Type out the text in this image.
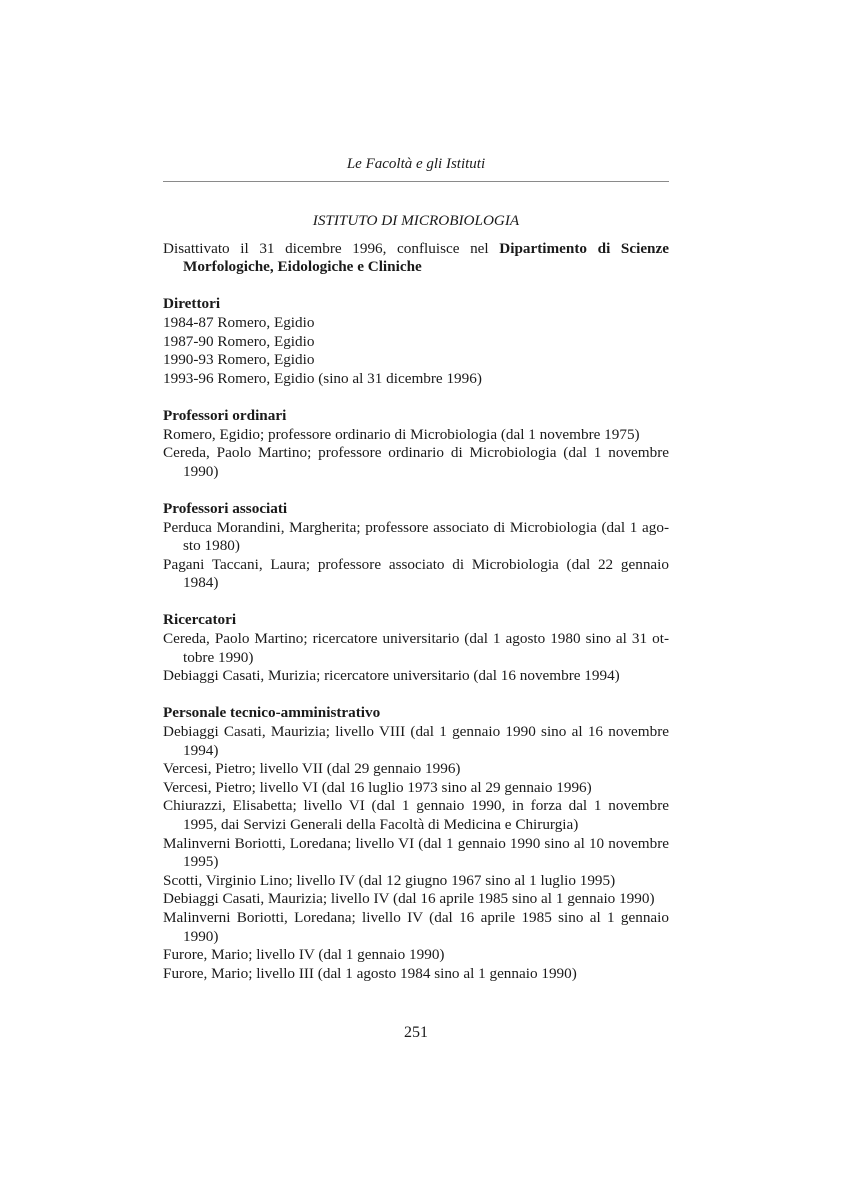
Le Facoltà e gli Istituti

ISTITUTO DI MICROBIOLOGIA

Disattivato il 31 dicembre 1996, confluisce nel Dipartimento di Scienze Morfologiche, Eidologiche e Cliniche

Direttori

1984-87 Romero, Egidio

1987-90 Romero, Egidio

1990-93 Romero, Egidio

1993-96 Romero, Egidio (sino al 31 dicembre 1996)

Professori ordinari

Romero, Egidio; professore ordinario di Microbiologia (dal 1 novembre 1975)

Cereda, Paolo Martino; professore ordinario di Microbiologia (dal 1 novembre 1990)

Professori associati

Perduca Morandini, Margherita; professore associato di Microbiologia (dal 1 agosto 1980)

Pagani Taccani, Laura; professore associato di Microbiologia (dal 22 gennaio 1984)

Ricercatori

Cereda, Paolo Martino; ricercatore universitario (dal 1 agosto 1980 sino al 31 ottobre 1990)

Debiaggi Casati, Murizia; ricercatore universitario (dal 16 novembre 1994)

Personale tecnico-amministrativo

Debiaggi Casati, Maurizia; livello VIII (dal 1 gennaio 1990 sino al 16 novembre 1994)

Vercesi, Pietro; livello VII (dal 29 gennaio 1996)

Vercesi, Pietro; livello VI (dal 16 luglio 1973 sino al 29 gennaio 1996)

Chiurazzi, Elisabetta; livello VI (dal 1 gennaio 1990, in forza dal 1 novembre 1995, dai Servizi Generali della Facoltà di Medicina e Chirurgia)

Malinverni Boriotti, Loredana; livello VI (dal 1 gennaio 1990 sino al 10 novembre 1995)

Scotti, Virginio Lino; livello IV (dal 12 giugno 1967 sino al 1 luglio 1995)

Debiaggi Casati, Maurizia; livello IV (dal 16 aprile 1985 sino al 1 gennaio 1990)

Malinverni Boriotti, Loredana; livello IV (dal 16 aprile 1985 sino al 1 gennaio 1990)

Furore, Mario; livello IV (dal 1 gennaio 1990)

Furore, Mario; livello III (dal 1 agosto 1984 sino al 1 gennaio 1990)

251
